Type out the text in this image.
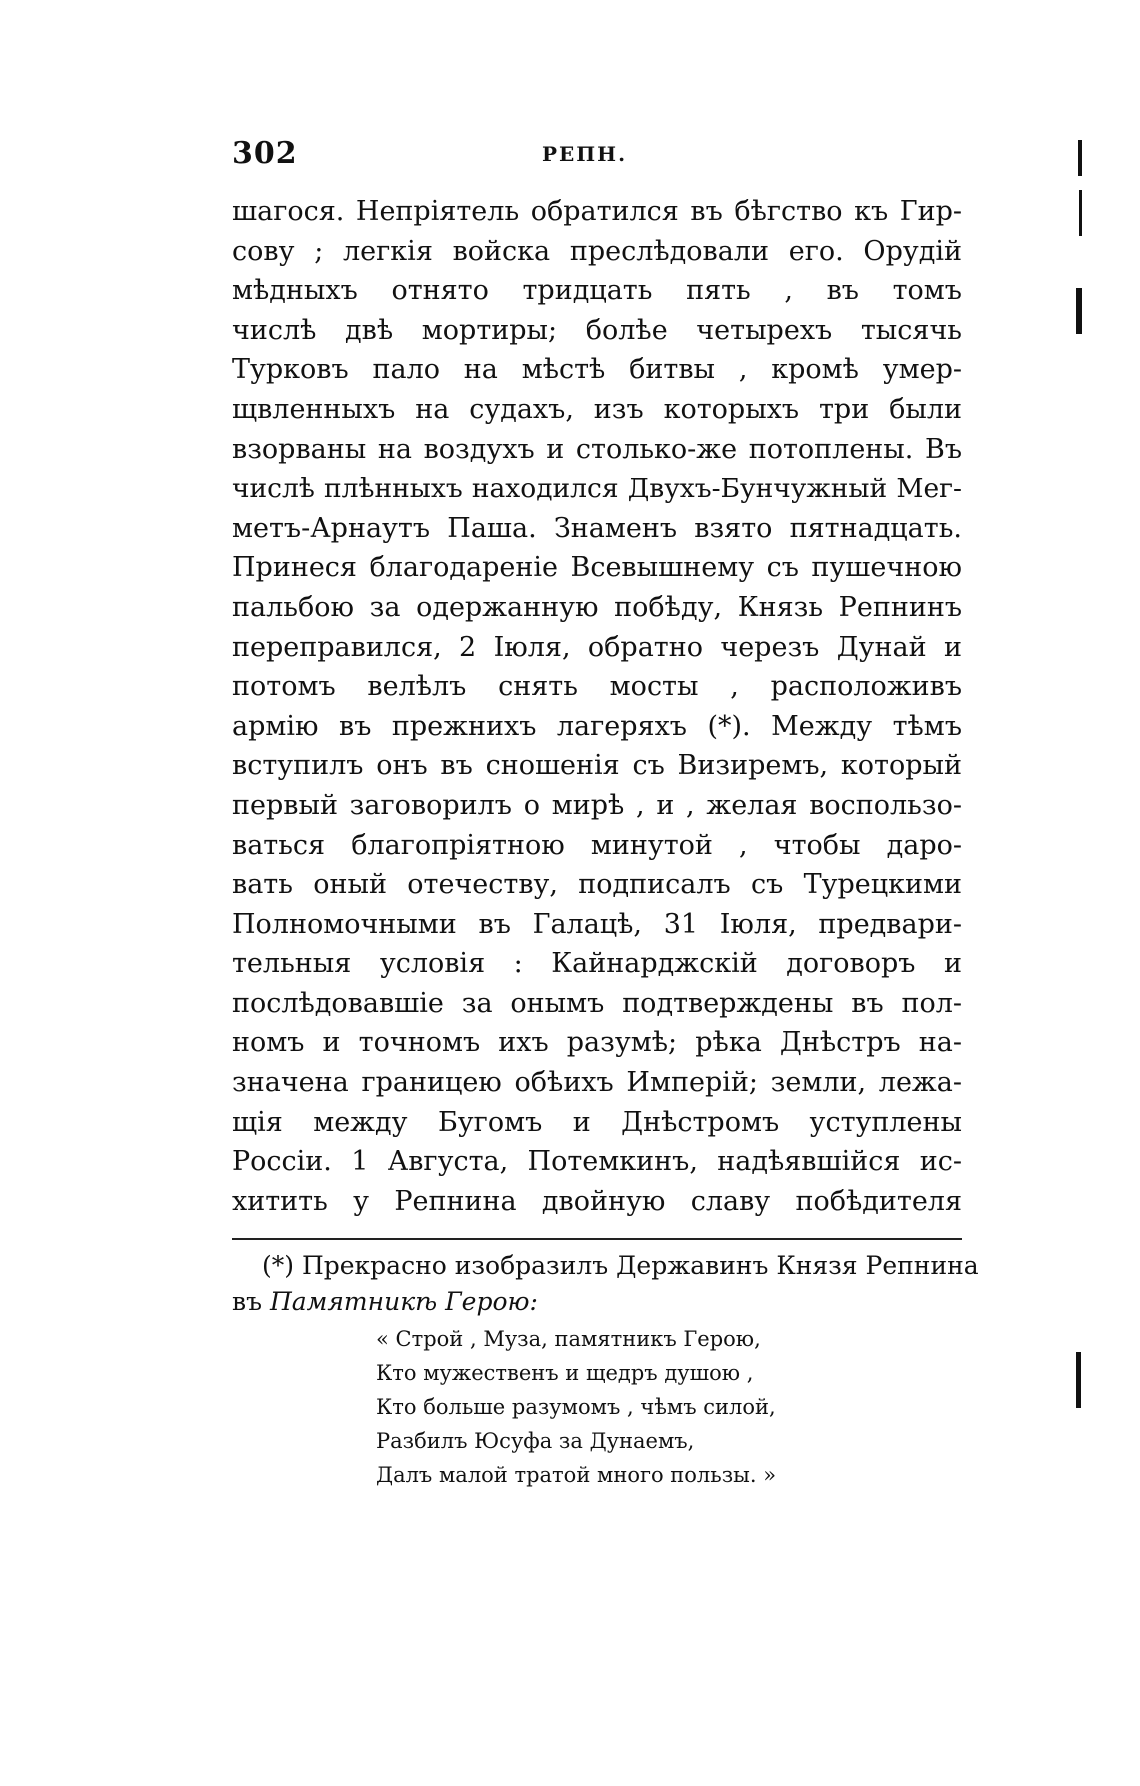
302	РЕПН.
шагося. Непріятель обратился въ бѣгство къ Гир-
сову ; легкія войска преслѣдовали его. Орудій
мѣдныхъ отнято тридцать пять , въ томъ
числѣ двѣ мортиры; болѣе четырехъ тысячь
Турковъ пало на мѣстѣ битвы , кромѣ умер-
щвленныхъ на судахъ, изъ которыхъ три были
взорваны на воздухъ и столько-же потоплены. Въ
числѣ плѣнныхъ находился Двухъ-Бунчужный Мег-
метъ-Арнаутъ Паша. Знаменъ взято пятнадцать.
Принеся благодареніе Всевышнему съ пушечною
пальбою за одержанную побѣду, Князь Репнинъ
переправился, 2 Іюля, обратно черезъ Дунай и
потомъ велѣлъ снять мосты , расположивъ
армію въ прежнихъ лагеряхъ (*). Между тѣмъ
вступилъ онъ въ сношенія съ Визиремъ, который
первый заговорилъ о мирѣ , и , желая воспользо-
ваться благопріятною минутой , чтобы даро-
вать оный отечеству, подписалъ съ Турецкими
Полномочными въ Галацѣ, 31 Іюля, предвари-
тельныя условія : Кайнарджскій договоръ и
послѣдовавшіе за онымъ подтверждены въ пол-
номъ и точномъ ихъ разумѣ; рѣка Днѣстръ на-
значена границею обѣихъ Имперій; земли, лежа-
щія между Бугомъ и Днѣстромъ уступлены
Россіи. 1 Августа, Потемкинъ, надѣявшійся ис-
хитить у Репнина двойную славу побѣдителя
(*) Прекрасно изобразилъ Державинъ Князя Репнина
въ Памятникѣ Герою:
« Строй , Муза, памятникъ Герою,
Кто мужественъ и щедръ душою ,
Кто больше разумомъ , чѣмъ силой,
Разбилъ Юсуфа за Дунаемъ,
Далъ малой тратой много пользы. »
